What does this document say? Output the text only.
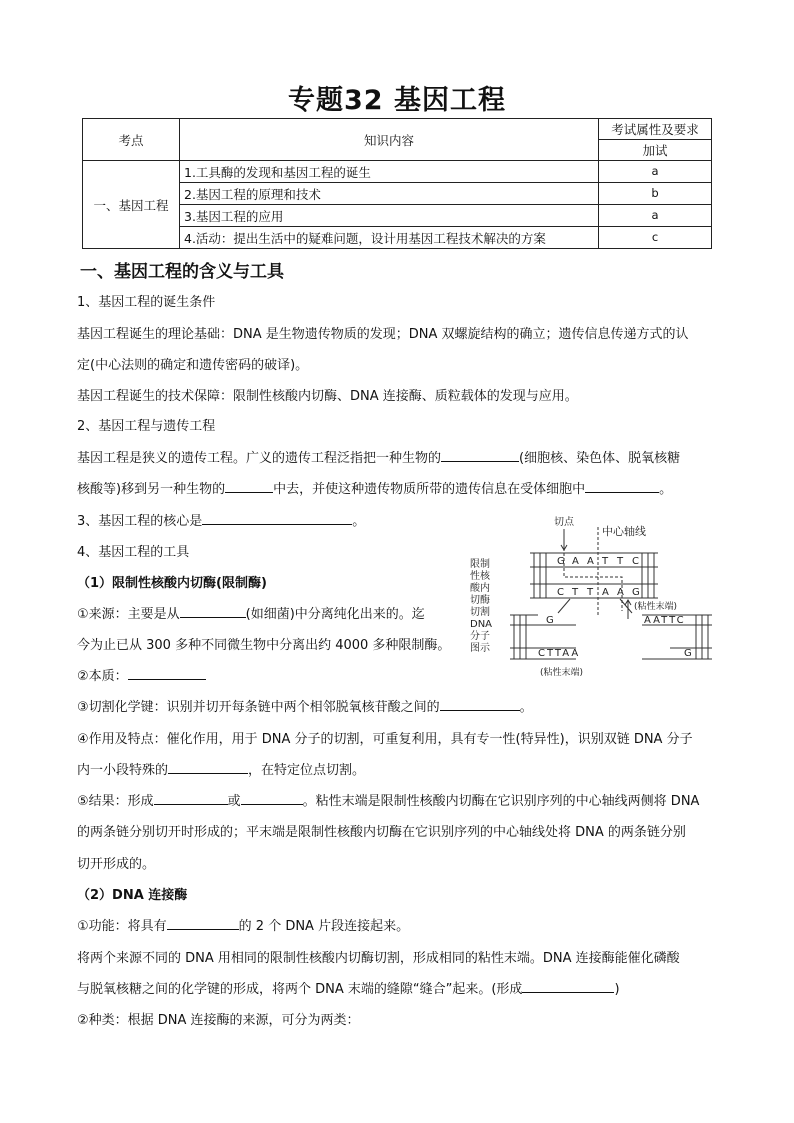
专题32 基因工程
考点	知识内容	考试属性及要求
		加试
一、基因工程	1.工具酶的发现和基因工程的诞生	a
	2.基因工程的原理和技术	b
	3.基因工程的应用	a
	4.活动：提出生活中的疑难问题，设计用基因工程技术解决的方案	c
一、基因工程的含义与工具
1、基因工程的诞生条件
基因工程诞生的理论基础：DNA 是生物遗传物质的发现；DNA 双螺旋结构的确立；遗传信息传递方式的认
定(中心法则的确定和遗传密码的破译)。
基因工程诞生的技术保障：限制性核酸内切酶、DNA 连接酶、质粒载体的发现与应用。
2、基因工程与遗传工程
基因工程是狭义的遗传工程。广义的遗传工程泛指把一种生物的	(细胞核、染色体、脱氧核糖
核酸等)移到另一种生物的	中去，并使这种遗传物质所带的遗传信息在受体细胞中	。
3、基因工程的核心是	。
4、基因工程的工具
（1）限制性核酸内切酶(限制酶)
①来源：主要是从	(如细菌)中分离纯化出来的。迄
今为止已从 300 多种不同微生物中分离出约 4000 多种限制酶。
②本质：
③切割化学键：识别并切开每条链中两个相邻脱氧核苷酸之间的	。
④作用及特点：催化作用，用于 DNA 分子的切割，可重复利用，具有专一性(特异性)，识别双链 DNA 分子
内一小段特殊的	，在特定位点切割。
⑤结果：形成	或	。粘性末端是限制性核酸内切酶在它识别序列的中心轴线两侧将 DNA
的两条链分别切开时形成的；平末端是限制性核酸内切酶在它识别序列的中心轴线处将 DNA 的两条链分别
切开形成的。
（2）DNA 连接酶
①功能：将具有	的 2 个 DNA 片段连接起来。
将两个来源不同的 DNA 用相同的限制性核酸内切酶切割，形成相同的粘性末端。DNA 连接酶能催化磷酸
与脱氧核糖之间的化学键的形成，将两个 DNA 末端的缝隙“缝合”起来。(形成	)
②种类：根据 DNA 连接酶的来源，可分为两类：
切点
中心轴线
限制
性核
酸内
切酶
切割
DNA
分子
图示
G A A T T C
C T T A A G
(粘性末端)
(粘性末端)
G
CTTAA
AATTC
G
